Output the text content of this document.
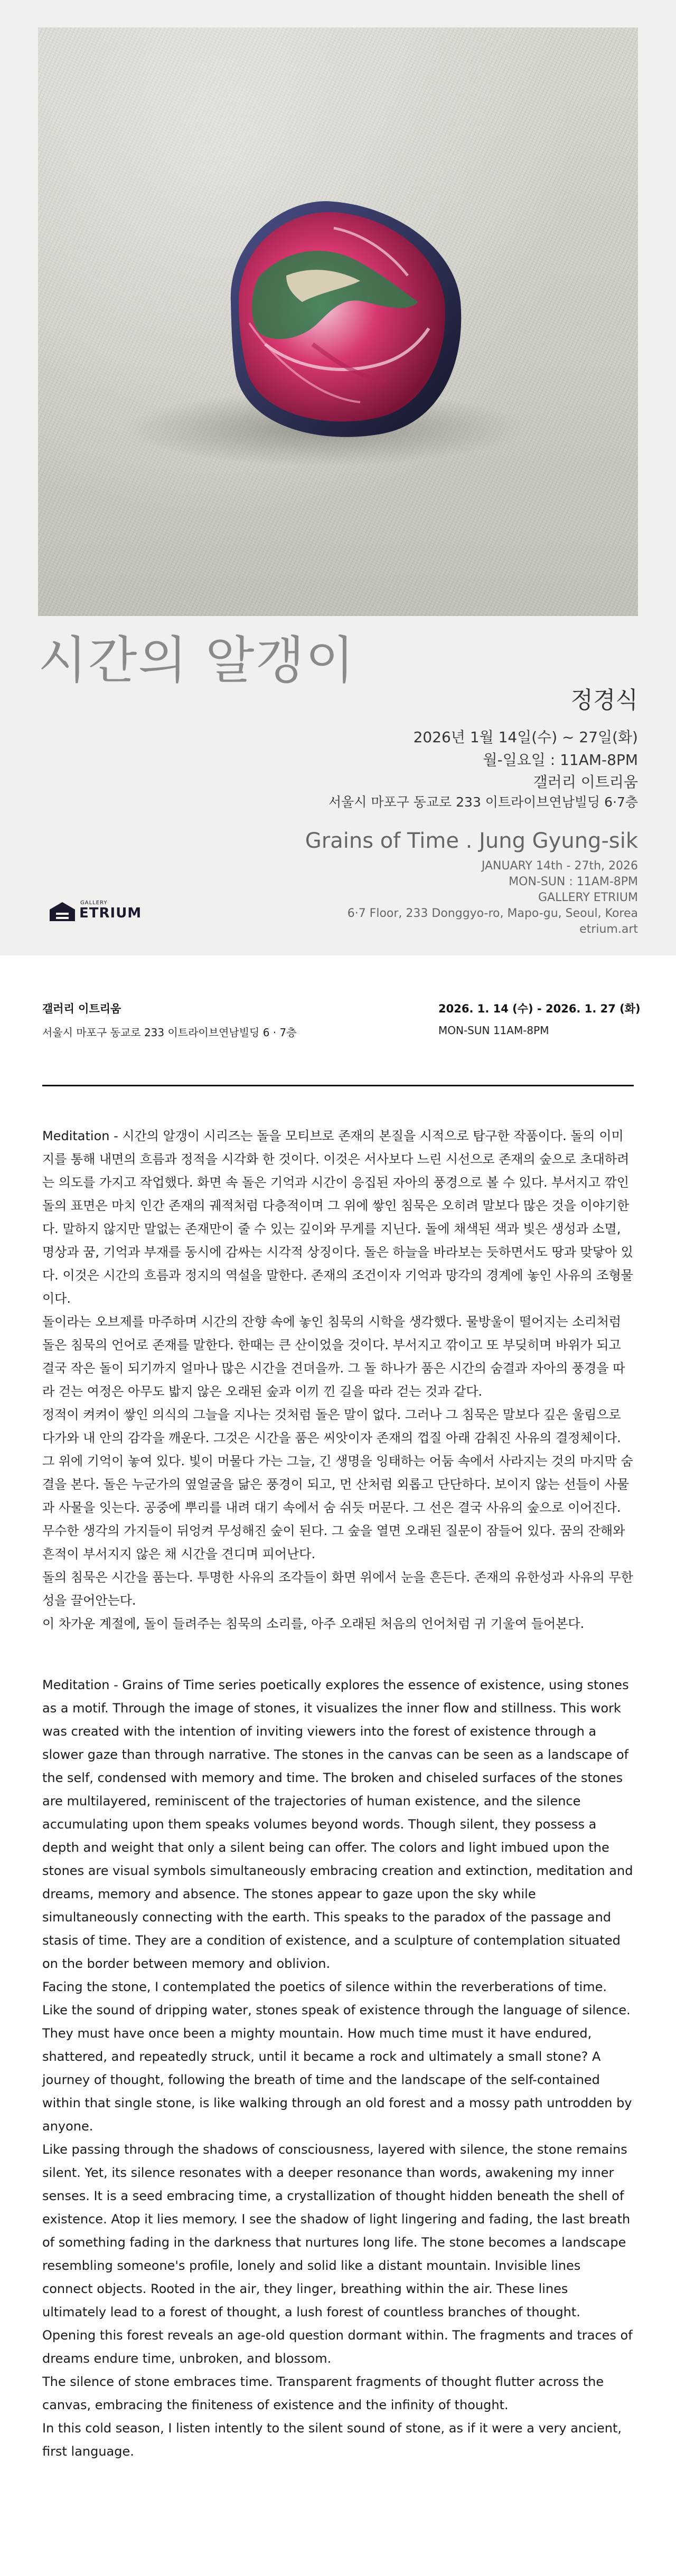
시간의 알갱이
정경식
2026년 1월 14일(수) ~ 27일(화)
월-일요일 : 11AM-8PM
갤러리 이트리움
서울시 마포구 동교로 233 이트라이브연남빌딩 6·7층
Grains of Time . Jung Gyung-sik
JANUARY 14th - 27th, 2026
MON-SUN : 11AM-8PM
GALLERY ETRIUM
6·7 Floor, 233 Donggyo-ro, Mapo-gu, Seoul, Korea
etrium.art
GALLERY
ETRIUM
갤러리 이트리움
서울시 마포구 동교로 233 이트라이브연남빌딩 6 · 7층
2026. 1. 14 (수) - 2026. 1. 27 (화)
MON-SUN 11AM-8PM

Meditation - 시간의 알갱이 시리즈는 돌을 모티브로 존재의 본질을 시적으로 탐구한 작품이다. 돌의 이미지를 통해 내면의 흐름과 정적을 시각화 한 것이다. 이것은 서사보다 느린 시선으로 존재의 숲으로 초대하려는 의도를 가지고 작업했다. 화면 속 돌은 기억과 시간이 응집된 자아의 풍경으로 볼 수 있다. 부서지고 깎인 돌의 표면은 마치 인간 존재의 궤적처럼 다층적이며 그 위에 쌓인 침묵은 오히려 말보다 많은 것을 이야기한다. 말하지 않지만 말없는 존재만이 줄 수 있는 깊이와 무게를 지닌다. 돌에 채색된 색과 빛은 생성과 소멸, 명상과 꿈, 기억과 부재를 동시에 감싸는 시각적 상징이다. 돌은 하늘을 바라보는 듯하면서도 땅과 맞닿아 있다. 이것은 시간의 흐름과 정지의 역설을 말한다. 존재의 조건이자 기억과 망각의 경계에 놓인 사유의 조형물이다.

돌이라는 오브제를 마주하며 시간의 잔향 속에 놓인 침묵의 시학을 생각했다. 물방울이 떨어지는 소리처럼 돌은 침묵의 언어로 존재를 말한다. 한때는 큰 산이었을 것이다. 부서지고 깎이고 또 부딪히며 바위가 되고 결국 작은 돌이 되기까지 얼마나 많은 시간을 견뎌을까. 그 돌 하나가 품은 시간의 숨결과 자아의 풍경을 따라 걷는 여정은 아무도 밟지 않은 오래된 숲과 이끼 낀 길을 따라 걷는 것과 같다.

정적이 켜켜이 쌓인 의식의 그늘을 지나는 것처럼 돌은 말이 없다. 그러나 그 침묵은 말보다 깊은 울림으로 다가와 내 안의 감각을 깨운다. 그것은 시간을 품은 씨앗이자 존재의 껍질 아래 감춰진 사유의 결정체이다. 그 위에 기억이 놓여 있다. 빛이 머물다 가는 그늘, 긴 생명을 잉태하는 어둠 속에서 사라지는 것의 마지막 숨결을 본다. 돌은 누군가의 옆얼굴을 닮은 풍경이 되고, 먼 산처럼 외롭고 단단하다. 보이지 않는 선들이 사물과 사물을 잇는다. 공중에 뿌리를 내려 대기 속에서 숨 쉬듯 머문다. 그 선은 결국 사유의 숲으로 이어진다. 무수한 생각의 가지들이 뒤엉켜 무성해진 숲이 된다. 그 숲을 열면 오래된 질문이 잠들어 있다. 꿈의 잔해와 흔적이 부서지지 않은 채 시간을 견디며 피어난다.

돌의 침묵은 시간을 품는다. 투명한 사유의 조각들이 화면 위에서 눈을 흔든다. 존재의 유한성과 사유의 무한성을 끌어안는다.

이 차가운 계절에, 돌이 들려주는 침묵의 소리를, 아주 오래된 처음의 언어처럼 귀 기울여 들어본다.

Meditation - Grains of Time series poetically explores the essence of existence, using stones as a motif. Through the image of stones, it visualizes the inner flow and stillness. This work was created with the intention of inviting viewers into the forest of existence through a slower gaze than through narrative. The stones in the canvas can be seen as a landscape of the self, condensed with memory and time. The broken and chiseled surfaces of the stones are multilayered, reminiscent of the trajectories of human existence, and the silence accumulating upon them speaks volumes beyond words. Though silent, they possess a depth and weight that only a silent being can offer. The colors and light imbued upon the stones are visual symbols simultaneously embracing creation and extinction, meditation and dreams, memory and absence. The stones appear to gaze upon the sky while simultaneously connecting with the earth. This speaks to the paradox of the passage and stasis of time. They are a condition of existence, and a sculpture of contemplation situated on the border between memory and oblivion.

Facing the stone, I contemplated the poetics of silence within the reverberations of time. Like the sound of dripping water, stones speak of existence through the language of silence. They must have once been a mighty mountain. How much time must it have endured, shattered, and repeatedly struck, until it became a rock and ultimately a small stone? A journey of thought, following the breath of time and the landscape of the self-contained within that single stone, is like walking through an old forest and a mossy path untrodden by anyone.

Like passing through the shadows of consciousness, layered with silence, the stone remains silent. Yet, its silence resonates with a deeper resonance than words, awakening my inner senses. It is a seed embracing time, a crystallization of thought hidden beneath the shell of existence. Atop it lies memory. I see the shadow of light lingering and fading, the last breath of something fading in the darkness that nurtures long life. The stone becomes a landscape resembling someone's profile, lonely and solid like a distant mountain. Invisible lines connect objects. Rooted in the air, they linger, breathing within the air. These lines ultimately lead to a forest of thought, a lush forest of countless branches of thought. Opening this forest reveals an age-old question dormant within. The fragments and traces of dreams endure time, unbroken, and blossom.

The silence of stone embraces time. Transparent fragments of thought flutter across the canvas, embracing the finiteness of existence and the infinity of thought.

In this cold season, I listen intently to the silent sound of stone, as if it were a very ancient, first language.
